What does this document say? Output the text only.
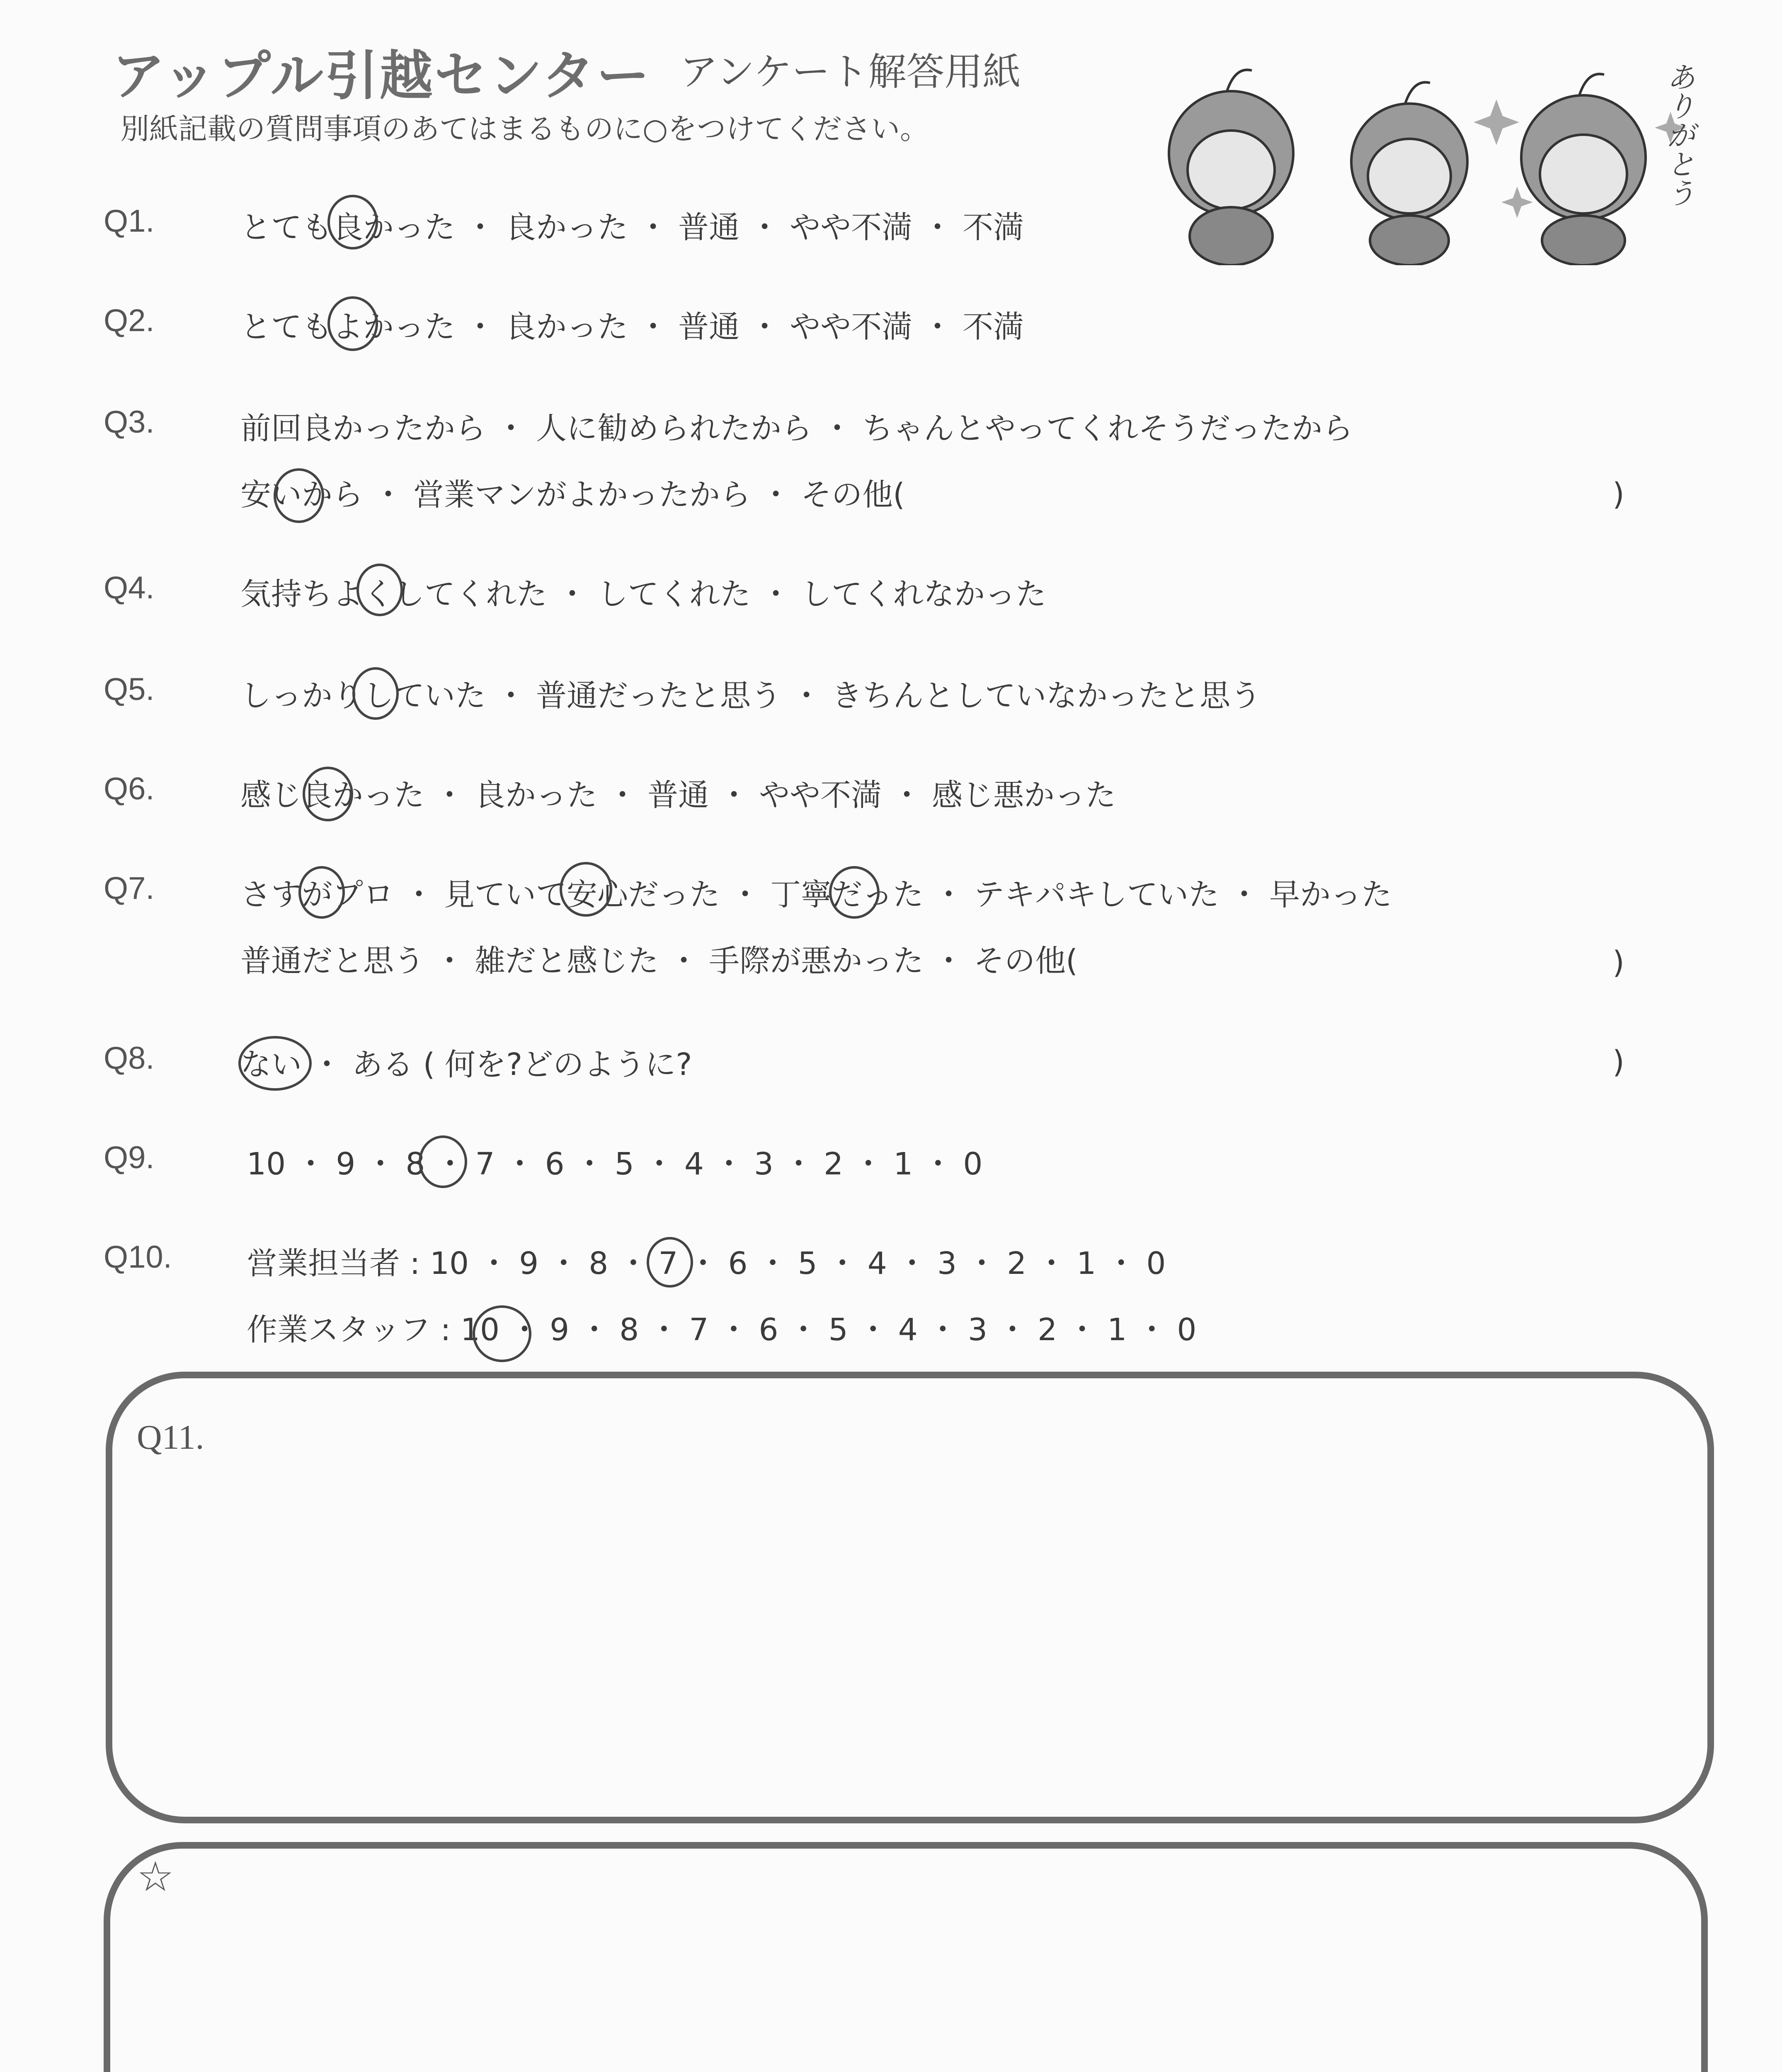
アップル引越センター アンケート解答用紙
別紙記載の質問事項のあてはまるものに○をつけてください。	ありがとう
Q1.	とても良かった ・ 良かった ・ 普通 ・ やや不満 ・ 不満
Q2.	とてもよかった ・ 良かった ・ 普通 ・ やや不満 ・ 不満
Q3.	前回良かったから ・ 人に勧められたから ・ ちゃんとやってくれそうだったから
安いから ・ 営業マンがよかったから ・ その他(	)
Q4.	気持ちよくしてくれた ・ してくれた ・ してくれなかった
Q5.	しっかりしていた ・ 普通だったと思う ・ きちんとしていなかったと思う
Q6.	感じ良かった ・ 良かった ・ 普通 ・ やや不満 ・ 感じ悪かった
Q7.	さすがプロ ・ 見ていて安心だった ・ 丁寧だった ・ テキパキしていた ・ 早かった
普通だと思う ・ 雑だと感じた ・ 手際が悪かった ・ その他(	)
Q8.	ない ・ ある ( 何を?どのように?	)
Q9.	10 ・ 9 ・ 8 ・ 7 ・ 6 ・ 5 ・ 4 ・ 3 ・ 2 ・ 1 ・ 0
Q10. 営業担当者 : 10 ・ 9 ・ 8 ・ 7 ・ 6 ・ 5 ・ 4 ・ 3 ・ 2 ・ 1 ・ 0
作業スタッフ : 10 ・ 9 ・ 8 ・ 7 ・ 6 ・ 5 ・ 4 ・ 3 ・ 2 ・ 1 ・ 0
Q11.
☆
